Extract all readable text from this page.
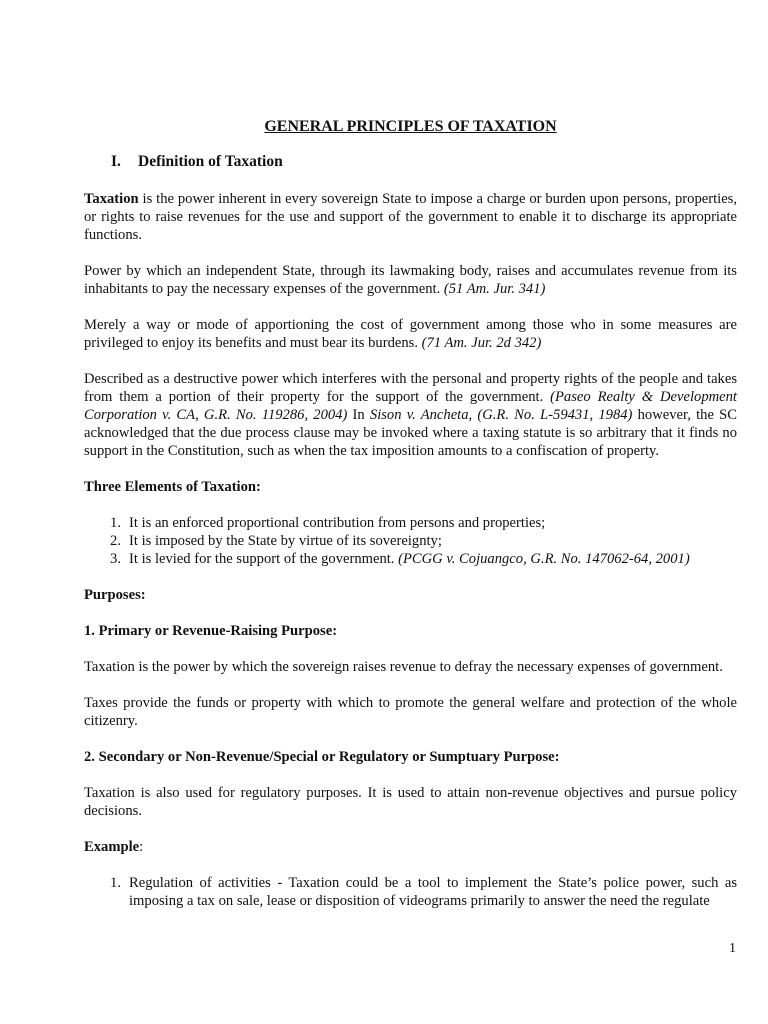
GENERAL PRINCIPLES OF TAXATION
I.	Definition of Taxation

Taxation is the power inherent in every sovereign State to impose a charge or burden upon persons, properties, or rights to raise revenues for the use and support of the government to enable it to discharge its appropriate functions.

Power by which an independent State, through its lawmaking body, raises and accumulates revenue from its inhabitants to pay the necessary expenses of the government. (51 Am. Jur. 341)

Merely a way or mode of apportioning the cost of government among those who in some measures are privileged to enjoy its benefits and must bear its burdens. (71 Am. Jur. 2d 342)

Described as a destructive power which interferes with the personal and property rights of the people and takes from them a portion of their property for the support of the government. (Paseo Realty & Development Corporation v. CA, G.R. No. 119286, 2004) In Sison v. Ancheta, (G.R. No. L-59431, 1984) however, the SC acknowledged that the due process clause may be invoked where a taxing statute is so arbitrary that it finds no support in the Constitution, such as when the tax imposition amounts to a confiscation of property.

Three Elements of Taxation:
1. It is an enforced proportional contribution from persons and properties;
2. It is imposed by the State by virtue of its sovereignty;
3. It is levied for the support of the government. (PCGG v. Cojuangco, G.R. No. 147062-64, 2001)
Purposes:
1. Primary or Revenue-Raising Purpose:

Taxation is the power by which the sovereign raises revenue to defray the necessary expenses of government.

Taxes provide the funds or property with which to promote the general welfare and protection of the whole citizenry.

2. Secondary or Non-Revenue/Special or Regulatory or Sumptuary Purpose:

Taxation is also used for regulatory purposes. It is used to attain non-revenue objectives and pursue policy decisions.

Example:
1. Regulation of activities - Taxation could be a tool to implement the State’s police power, such as imposing a tax on sale, lease or disposition of videograms primarily to answer the need the regulate
1
